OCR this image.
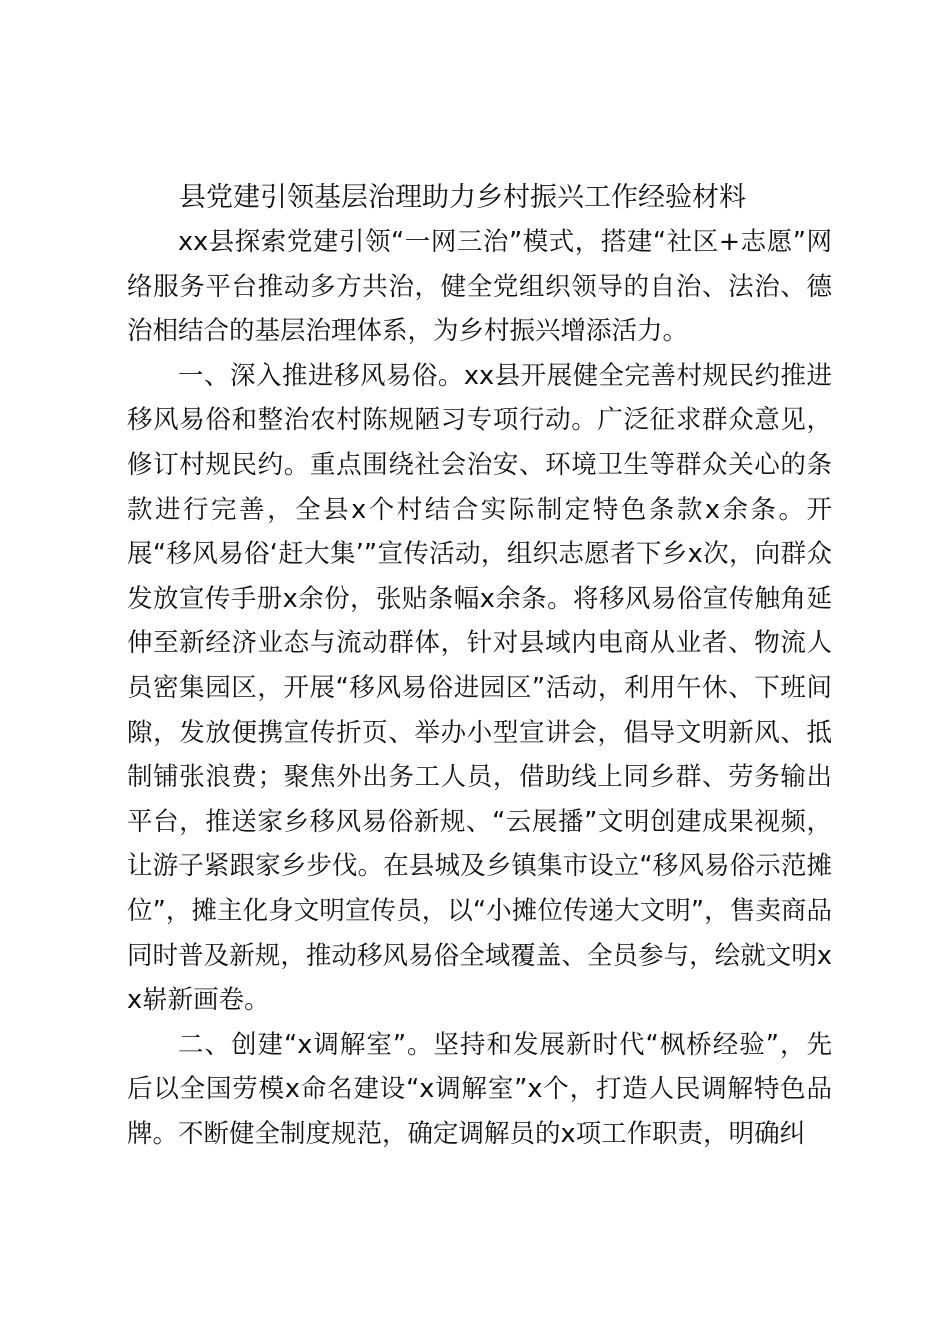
县党建引领基层治理助力乡村振兴工作经验材料

xx县探索党建引领“一网三治”模式，搭建“社区+志愿”网络服务平台推动多方共治，健全党组织领导的自治、法治、德治相结合的基层治理体系，为乡村振兴增添活力。

一、深入推进移风易俗。xx县开展健全完善村规民约推进移风易俗和整治农村陈规陋习专项行动。广泛征求群众意见，修订村规民约。重点围绕社会治安、环境卫生等群众关心的条款进行完善，全县x个村结合实际制定特色条款x余条。开展“移风易俗‘赶大集’”宣传活动，组织志愿者下乡x次，向群众发放宣传手册x余份，张贴条幅x余条。将移风易俗宣传触角延伸至新经济业态与流动群体，针对县域内电商从业者、物流人员密集园区，开展“移风易俗进园区”活动，利用午休、下班间隙，发放便携宣传折页、举办小型宣讲会，倡导文明新风、抵制铺张浪费；聚焦外出务工人员，借助线上同乡群、劳务输出平台，推送家乡移风易俗新规、“云展播”文明创建成果视频，让游子紧跟家乡步伐。在县城及乡镇集市设立“移风易俗示范摊位”，摊主化身文明宣传员，以“小摊位传递大文明”，售卖商品同时普及新规，推动移风易俗全域覆盖、全员参与，绘就文明xx崭新画卷。

二、创建“x调解室”。坚持和发展新时代“枫桥经验”，先后以全国劳模x命名建设“x调解室”x个，打造人民调解特色品牌。不断健全制度规范，确定调解员的x项工作职责，明确纠
